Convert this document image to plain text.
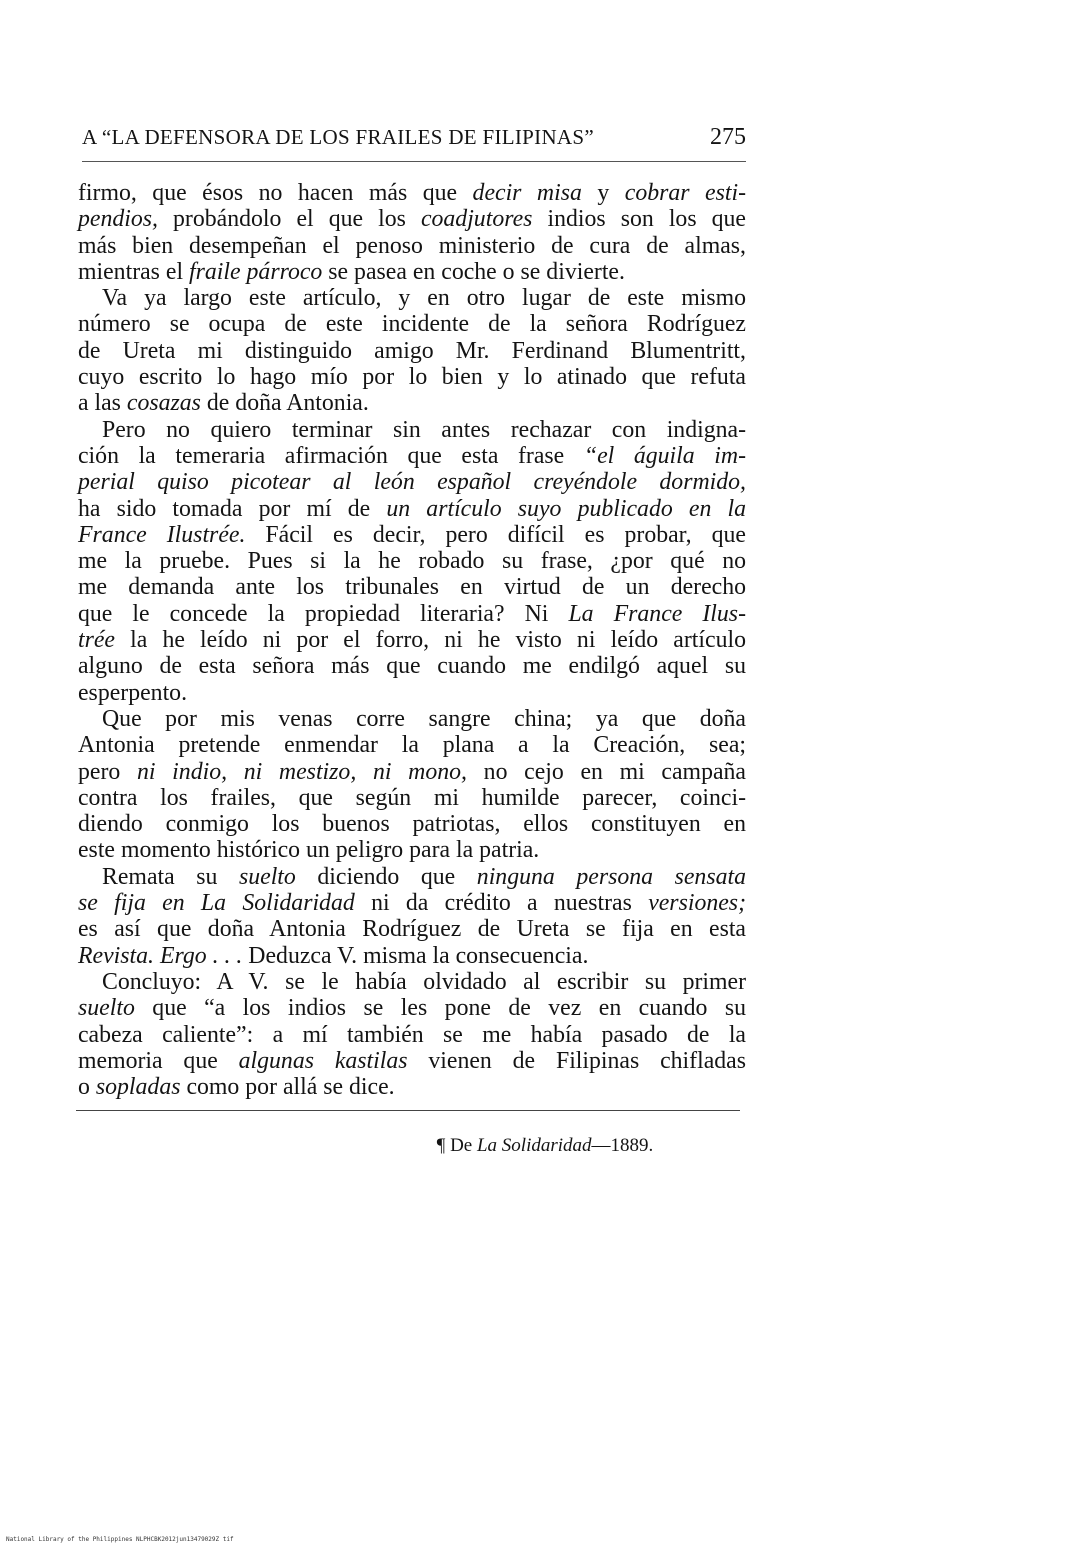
A “LA DEFENSORA DE LOS FRAILES DE FILIPINAS”	275
firmo, que ésos no hacen más que decir misa y cobrar esti-
pendios, probándolo el que los coadjutores indios son los que
más bien desempeñan el penoso ministerio de cura de almas,
mientras el fraile párroco se pasea en coche o se divierte.
Va ya largo este artículo, y en otro lugar de este mismo
número se ocupa de este incidente de la señora Rodríguez
de Ureta mi distinguido amigo Mr. Ferdinand Blumentritt,
cuyo escrito lo hago mío por lo bien y lo atinado que refuta
a las cosazas de doña Antonia.
Pero no quiero terminar sin antes rechazar con indigna-
ción la temeraria afirmación que esta frase “el águila im-
perial quiso picotear al león español creyéndole dormido,
ha sido tomada por mí de un artículo suyo publicado en la
France Ilustrée. Fácil es decir, pero difícil es probar, que
me la pruebe. Pues si la he robado su frase, ¿por qué no
me demanda ante los tribunales en virtud de un derecho
que le concede la propiedad literaria? Ni La France Ilus-
trée la he leído ni por el forro, ni he visto ni leído artículo
alguno de esta señora más que cuando me endilgó aquel su
esperpento.
Que por mis venas corre sangre china; ya que doña
Antonia pretende enmendar la plana a la Creación, sea;
pero ni indio, ni mestizo, ni mono, no cejo en mi campaña
contra los frailes, que según mi humilde parecer, coinci-
diendo conmigo los buenos patriotas, ellos constituyen en
este momento histórico un peligro para la patria.
Remata su suelto diciendo que ninguna persona sensata
se fija en La Solidaridad ni da crédito a nuestras versiones;
es así que doña Antonia Rodríguez de Ureta se fija en esta
Revista. Ergo . . . Deduzca V. misma la consecuencia.
Concluyo: A V. se le había olvidado al escribir su primer
suelto que “a los indios se les pone de vez en cuando su
cabeza caliente”: a mí también se me había pasado de la
memoria que algunas kastilas vienen de Filipinas chifladas
o sopladas como por allá se dice.
¶ De La Solidaridad—1889.
National Library of the Philippines NLPHCBK2012jun13479029Z tif
